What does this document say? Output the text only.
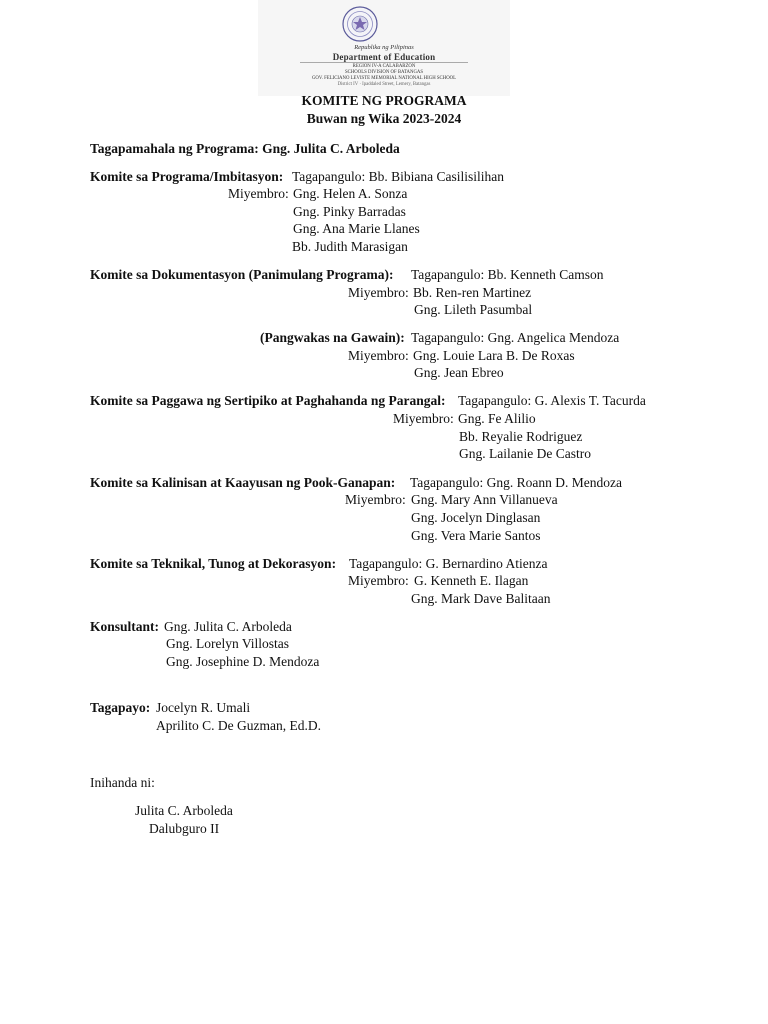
Republika ng Pilipinas
Department of Education
REGION IV-A CALABARZON
SCHOOLS DIVISION OF BATANGAS
GOV. FELICIANO LEVISTE MEMORIAL NATIONAL HIGH SCHOOL
District IV · Ipaddaled Street, Lemery, Batangas
KOMITE NG PROGRAMA
Buwan ng Wika 2023-2024
Tagapamahala ng Programa: Gng. Julita C. Arboleda
Komite sa Programa/Imbitasyon: Tagapangulo: Bb. Bibiana Casilisilihan
Miyembro: Gng. Helen A. Sonza
Gng. Pinky Barradas
Gng. Ana Marie Llanes
Bb. Judith Marasigan
Komite sa Dokumentasyon (Panimulang Programa): Tagapangulo: Bb. Kenneth Camson
Miyembro: Bb. Ren-ren Martinez
Gng. Lileth Pasumbal
(Pangwakas na Gawain): Tagapangulo: Gng. Angelica Mendoza
Miyembro: Gng. Louie Lara B. De Roxas
Gng. Jean Ebreo
Komite sa Paggawa ng Sertipiko at Paghahanda ng Parangal: Tagapangulo: G. Alexis T. Tacurda
Miyembro: Gng. Fe Alilio
Bb. Reyalie Rodriguez
Gng. Lailanie De Castro
Komite sa Kalinisan at Kaayusan ng Pook-Ganapan: Tagapangulo: Gng. Roann D. Mendoza
Miyembro: Gng. Mary Ann Villanueva
Gng. Jocelyn Dinglasan
Gng. Vera Marie Santos
Komite sa Teknikal, Tunog at Dekorasyon: Tagapangulo: G. Bernardino Atienza
Miyembro: G. Kenneth E. Ilagan
Gng. Mark Dave Balitaan
Konsultant: Gng. Julita C. Arboleda
Gng. Lorelyn Villostas
Gng. Josephine D. Mendoza
Tagapayo: Jocelyn R. Umali
Aprilito C. De Guzman, Ed.D.
Inihanda ni:
Julita C. Arboleda
Dalubguro II
